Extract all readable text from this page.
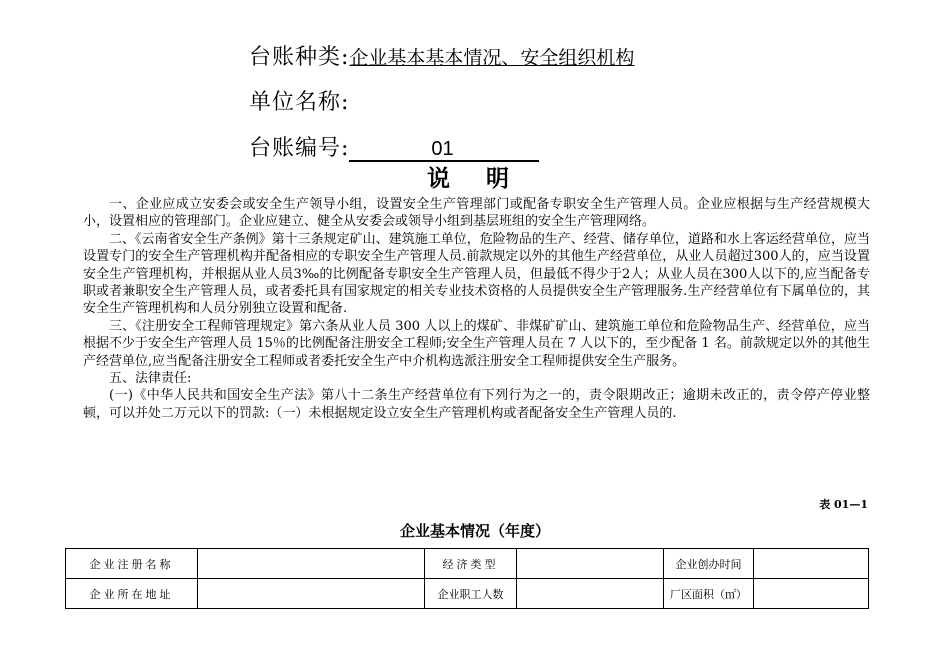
台账种类:企业基本基本情况、安全组织机构
单位名称:
台账编号:	01
说 明

一、企业应成立安委会或安全生产领导小组，设置安全生产管理部门或配备专职安全生产管理人员。企业应根据与生产经营规模大小，设置相应的管理部门。企业应建立、健全从安委会或领导小组到基层班组的安全生产管理网络。

二、《云南省安全生产条例》第十三条规定矿山、建筑施工单位，危险物品的生产、经营、储存单位，道路和水上客运经营单位，应当设置专门的安全生产管理机构并配备相应的专职安全生产管理人员.前款规定以外的其他生产经营单位，从业人员超过300人的，应当设置安全生产管理机构，并根据从业人员3‰的比例配备专职安全生产管理人员，但最低不得少于2人；从业人员在300人以下的,应当配备专职或者兼职安全生产管理人员，或者委托具有国家规定的相关专业技术资格的人员提供安全生产管理服务.生产经营单位有下属单位的，其安全生产管理机构和人员分别独立设置和配备.

三、《注册安全工程师管理规定》第六条从业人员 300 人以上的煤矿、非煤矿矿山、建筑施工单位和危险物品生产、经营单位，应当根据不少于安全生产管理人员 15％的比例配备注册安全工程师;安全生产管理人员在 7 人以下的，至少配备 1 名。前款规定以外的其他生产经营单位,应当配备注册安全工程师或者委托安全生产中介机构选派注册安全工程师提供安全生产服务。

五、法律责任:

(一)《中华人民共和国安全生产法》第八十二条生产经营单位有下列行为之一的，责令限期改正；逾期未改正的，责令停产停业整顿，可以并处二万元以下的罚款:（一）未根据规定设立安全生产管理机构或者配备安全生产管理人员的.

表 01—1
企业基本情况（年度）
企业注册名称		经济类型		企业创办时间	
企业所在地址		企业职工人数		厂区面积（㎡）	
